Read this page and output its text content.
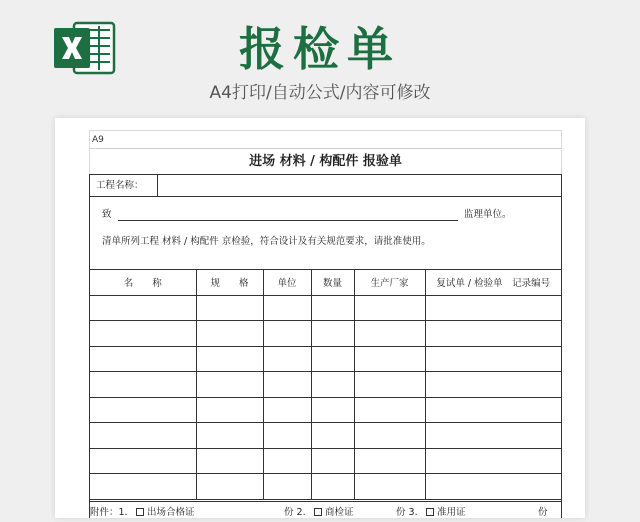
报检单
A4打印/自动公式/内容可修改
A9
进场 材料 / 构配件 报验单
工程名称：
致	监理单位。
清单所列工程 材料 / 构配件 京检验，符合设计及有关规范要求，请批准使用。
名　　称	规　　格	单位	数量	生产厂家	复试单 / 检验单　记录编号

附件：1.	出场合格证	份 2.	商检证	份 3.	准用证	份
